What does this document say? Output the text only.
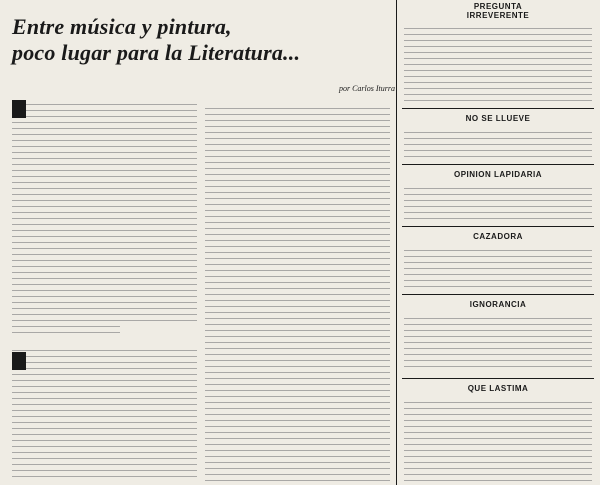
Entre música y pintura,
poco lugar para la Literatura...
por Carlos Iturra
PREGUNTA
IRREVERENTE
NO SE LLUEVE
OPINION LAPIDARIA
CAZADORA
IGNORANCIA
QUE LASTIMA
